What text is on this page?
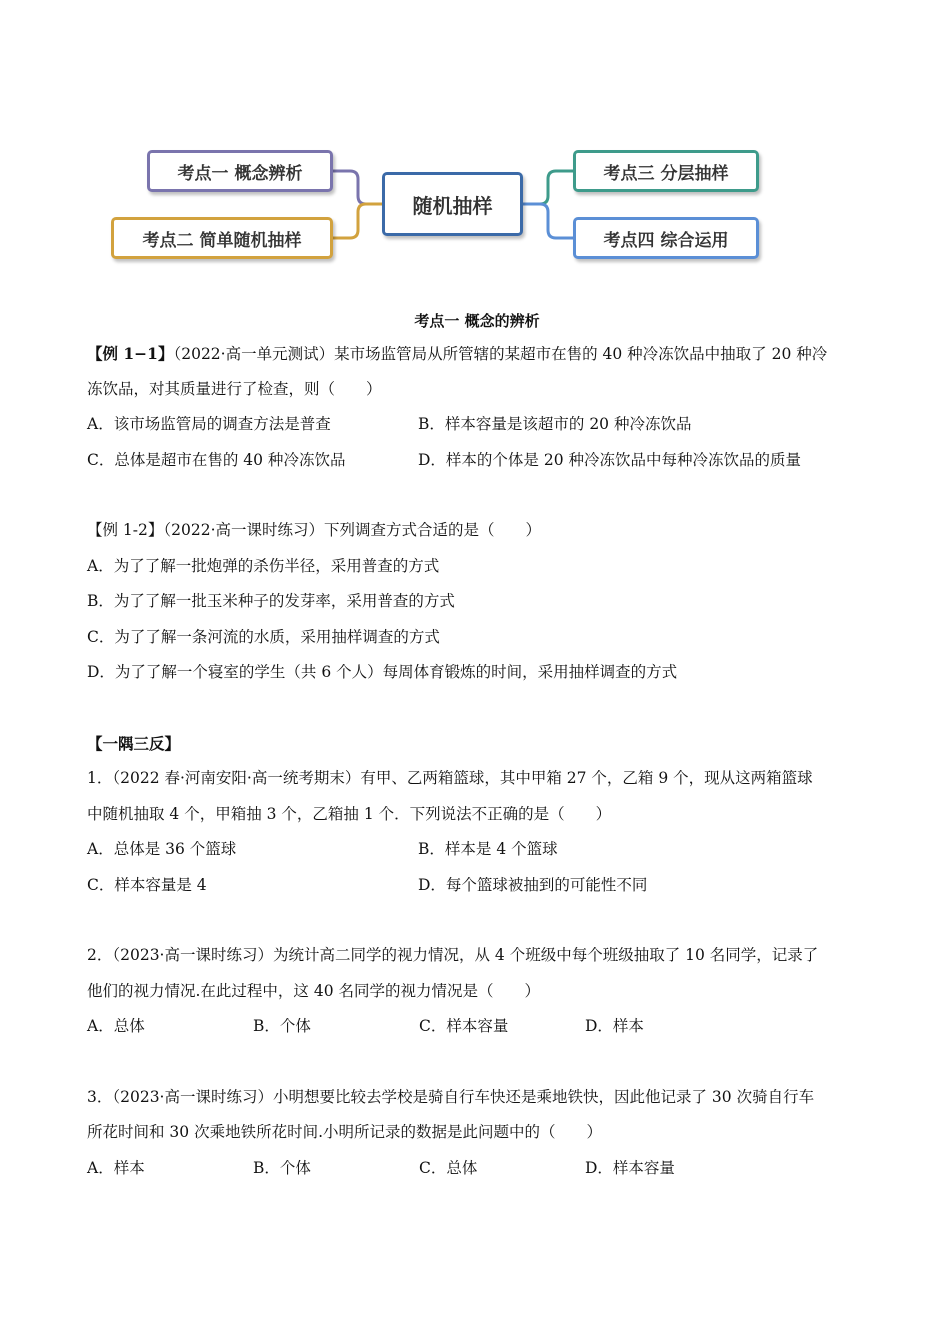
考点一 概念辨析
考点二 简单随机抽样
随机抽样
考点三 分层抽样
考点四 综合运用
考点一 概念的辨析
【例 1−1】（2022·高一单元测试）某市场监管局从所管辖的某超市在售的 40 种冷冻饮品中抽取了 20 种冷
冻饮品，对其质量进行了检查，则（　　）
A．该市场监管局的调查方法是普查	B．样本容量是该超市的 20 种冷冻饮品
C．总体是超市在售的 40 种冷冻饮品	D．样本的个体是 20 种冷冻饮品中每种冷冻饮品的质量
【例 1-2】（2022·高一课时练习）下列调查方式合适的是（　　）
A．为了了解一批炮弹的杀伤半径，采用普查的方式
B．为了了解一批玉米种子的发芽率，采用普查的方式
C．为了了解一条河流的水质，采用抽样调查的方式
D．为了了解一个寝室的学生（共 6 个人）每周体育锻炼的时间，采用抽样调查的方式
【一隅三反】
1．（2022 春·河南安阳·高一统考期末）有甲、乙两箱篮球，其中甲箱 27 个，乙箱 9 个，现从这两箱篮球
中随机抽取 4 个，甲箱抽 3 个，乙箱抽 1 个．下列说法不正确的是（　　）
A．总体是 36 个篮球	B．样本是 4 个篮球
C．样本容量是 4	D．每个篮球被抽到的可能性不同
2．（2023·高一课时练习）为统计高二同学的视力情况，从 4 个班级中每个班级抽取了 10 名同学，记录了
他们的视力情况.在此过程中，这 40 名同学的视力情况是（　　）
A．总体	B．个体	C．样本容量	D．样本
3．（2023·高一课时练习）小明想要比较去学校是骑自行车快还是乘地铁快，因此他记录了 30 次骑自行车
所花时间和 30 次乘地铁所花时间.小明所记录的数据是此问题中的（　　）
A．样本	B．个体	C．总体	D．样本容量
